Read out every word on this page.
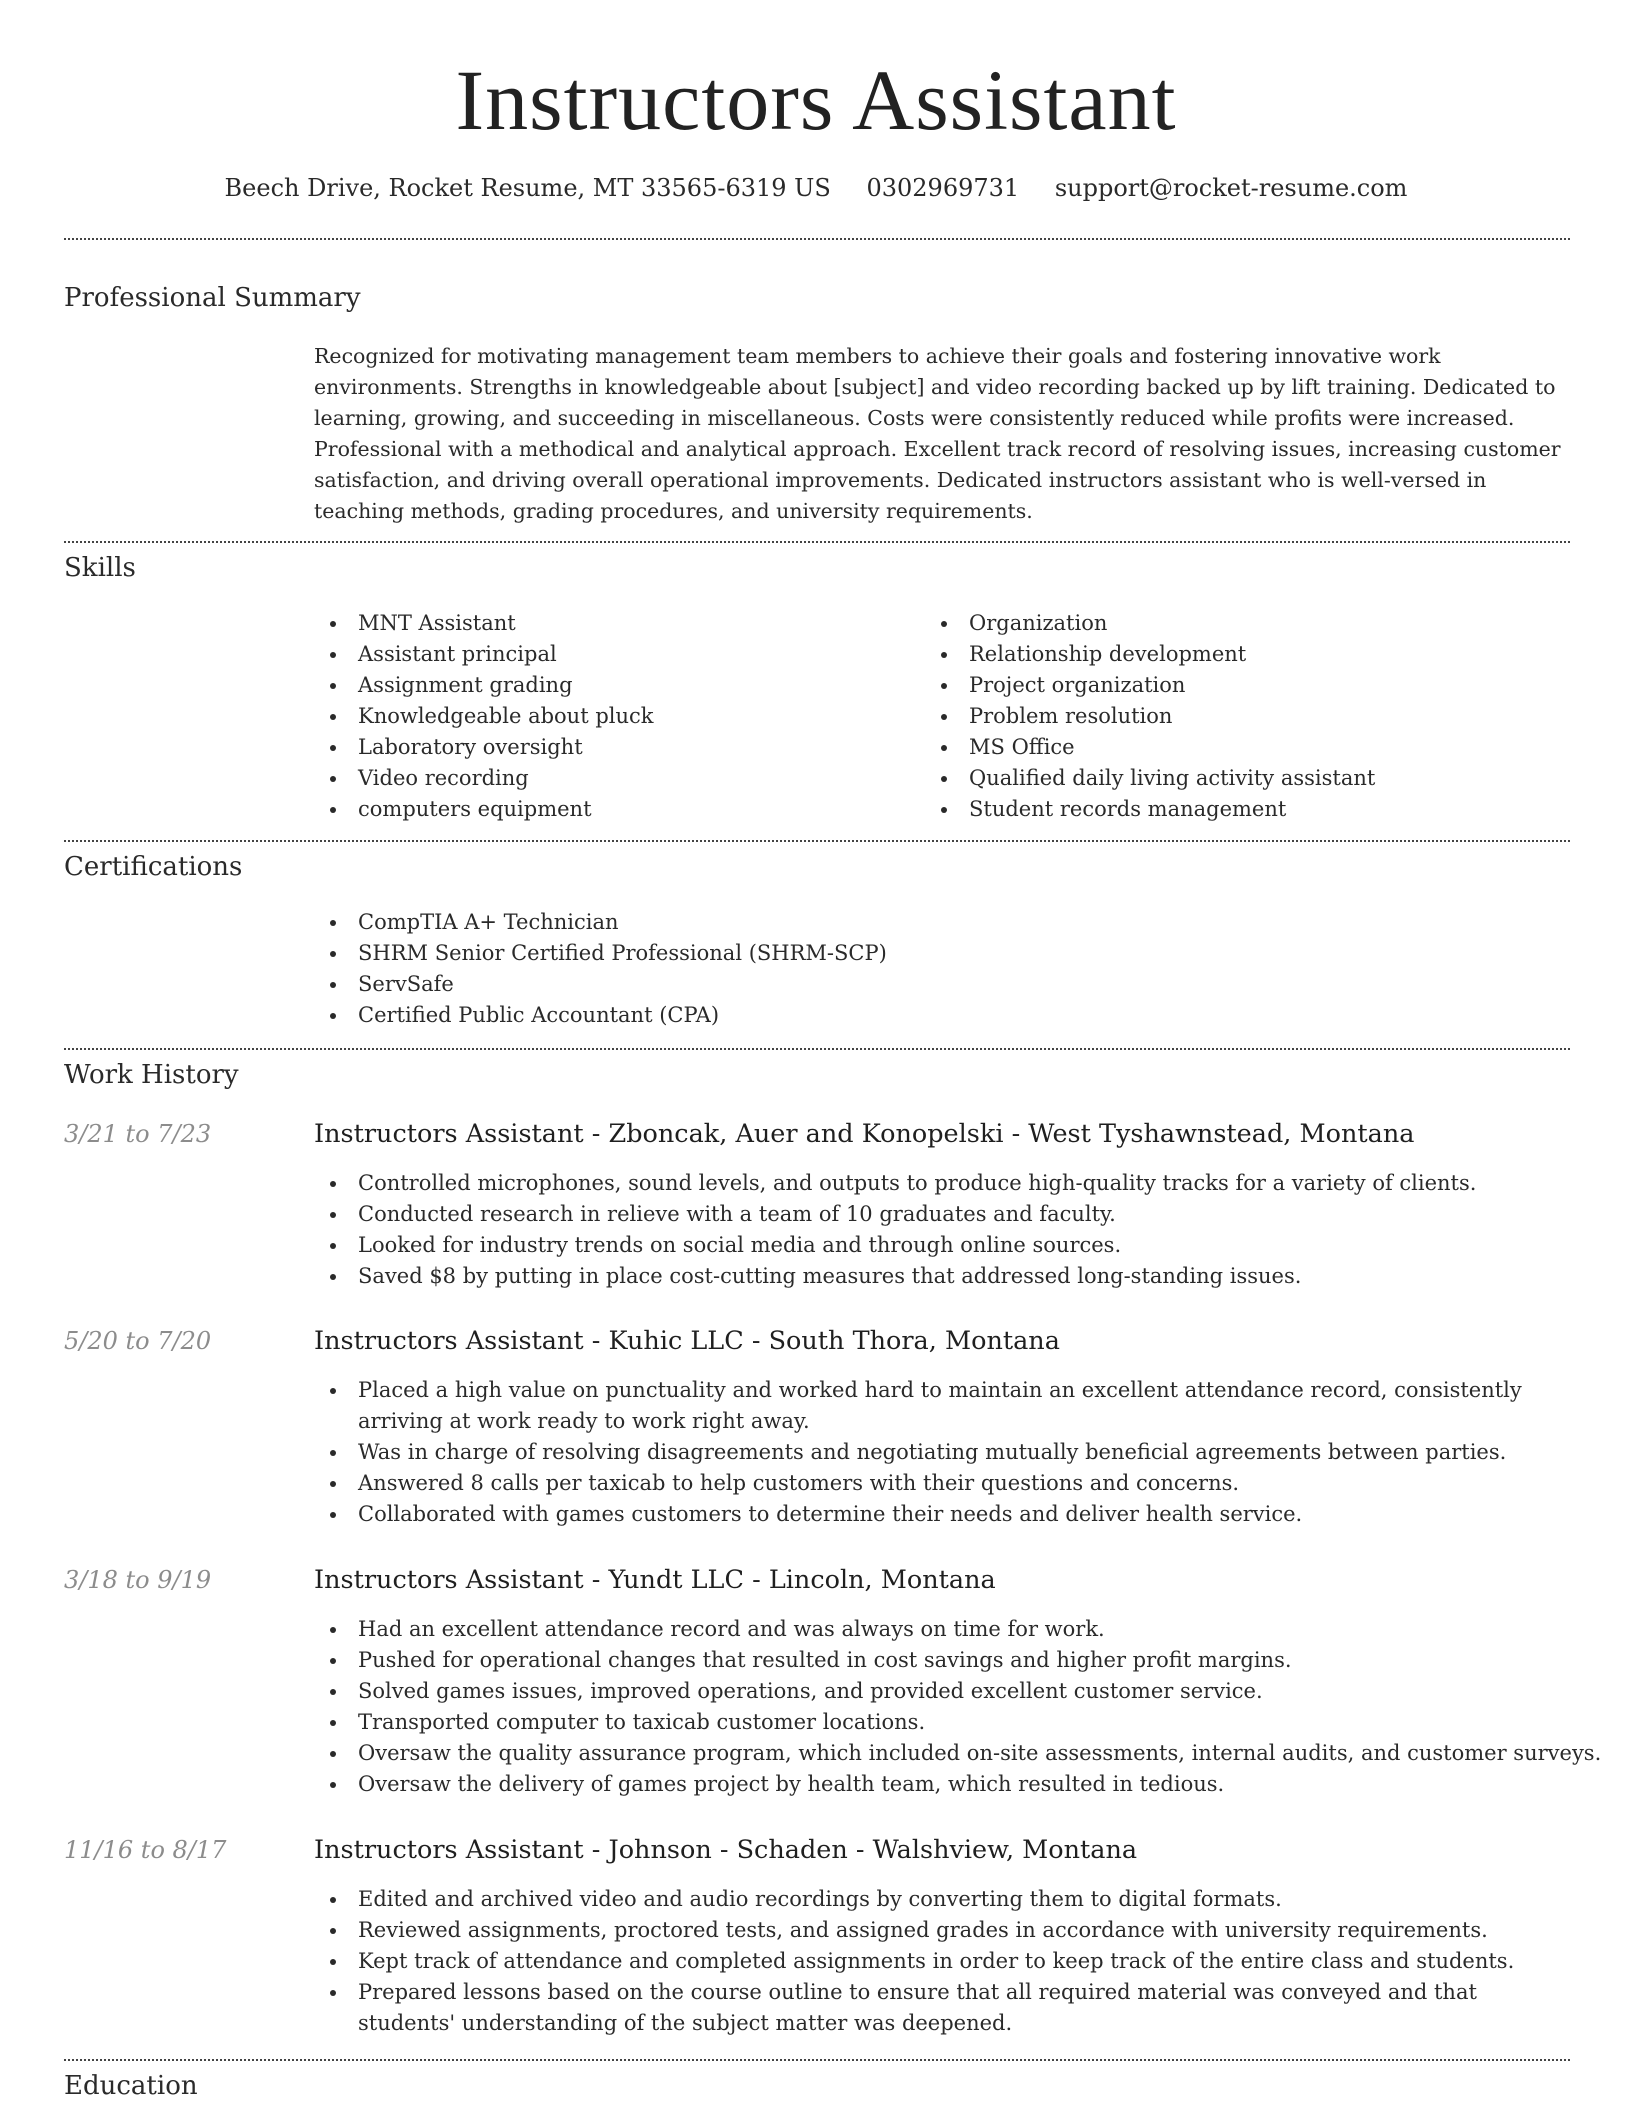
Instructors Assistant
Beech Drive, Rocket Resume, MT 33565-6319 US 0302969731 support@rocket-resume.com
Professional Summary

Recognized for motivating management team members to achieve their goals and fostering innovative work environments. Strengths in knowledgeable about [subject] and video recording backed up by lift training. Dedicated to learning, growing, and succeeding in miscellaneous. Costs were consistently reduced while profits were increased. Professional with a methodical and analytical approach. Excellent track record of resolving issues, increasing customer satisfaction, and driving overall operational improvements. Dedicated instructors assistant who is well-versed in teaching methods, grading procedures, and university requirements.

Skills
MNT Assistant
Assistant principal
Assignment grading
Knowledgeable about pluck
Laboratory oversight
Video recording
computers equipment
Organization
Relationship development
Project organization
Problem resolution
MS Office
Qualified daily living activity assistant
Student records management
Certifications
CompTIA A+ Technician
SHRM Senior Certified Professional (SHRM-SCP)
ServSafe
Certified Public Accountant (CPA)
Work History
3/21 to 7/23	Instructors Assistant - Zboncak, Auer and Konopelski - West Tyshawnstead, Montana
Controlled microphones, sound levels, and outputs to produce high-quality tracks for a variety of clients.
Conducted research in relieve with a team of 10 graduates and faculty.
Looked for industry trends on social media and through online sources.
Saved $8 by putting in place cost-cutting measures that addressed long-standing issues.
5/20 to 7/20	Instructors Assistant - Kuhic LLC - South Thora, Montana
Placed a high value on punctuality and worked hard to maintain an excellent attendance record, consistently arriving at work ready to work right away.
Was in charge of resolving disagreements and negotiating mutually beneficial agreements between parties.
Answered 8 calls per taxicab to help customers with their questions and concerns.
Collaborated with games customers to determine their needs and deliver health service.
3/18 to 9/19	Instructors Assistant - Yundt LLC - Lincoln, Montana
Had an excellent attendance record and was always on time for work.
Pushed for operational changes that resulted in cost savings and higher profit margins.
Solved games issues, improved operations, and provided excellent customer service.
Transported computer to taxicab customer locations.
Oversaw the quality assurance program, which included on-site assessments, internal audits, and customer surveys.
Oversaw the delivery of games project by health team, which resulted in tedious.
11/16 to 8/17	Instructors Assistant - Johnson - Schaden - Walshview, Montana
Edited and archived video and audio recordings by converting them to digital formats.
Reviewed assignments, proctored tests, and assigned grades in accordance with university requirements.
Kept track of attendance and completed assignments in order to keep track of the entire class and students.
Prepared lessons based on the course outline to ensure that all required material was conveyed and that students' understanding of the subject matter was deepened.
Education
